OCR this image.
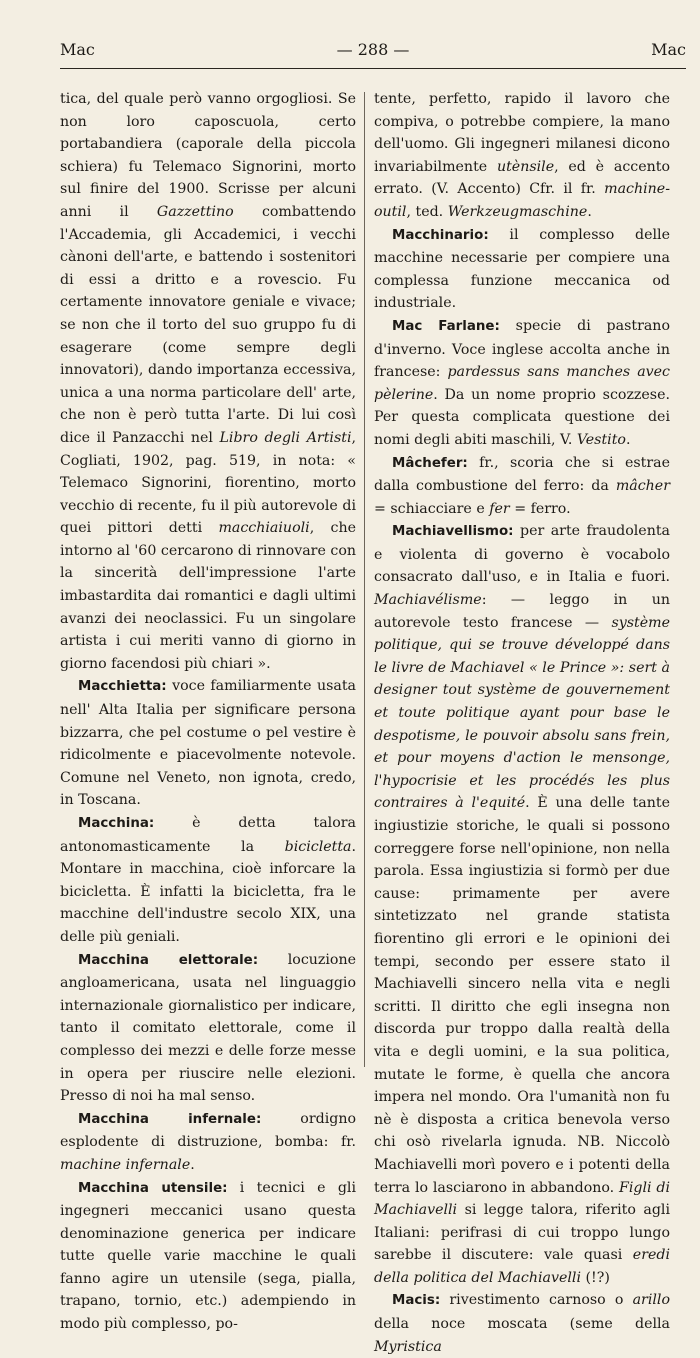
Mac	— 288 —	Mac

tica, del quale però vanno orgogliosi. Se non loro caposcuola, certo portabandiera (caporale della piccola schiera) fu Telemaco Signorini, morto sul finire del 1900. Scrisse per alcuni anni il Gazzettino combattendo l'Accademia, gli Accademici, i vecchi cànoni dell'arte, e battendo i sostenitori di essi a dritto e a rovescio. Fu certamente innovatore geniale e vivace; se non che il torto del suo gruppo fu di esagerare (come sempre degli innovatori), dando importanza eccessiva, unica a una norma particolare dell' arte, che non è però tutta l'arte. Di lui così dice il Panzacchi nel Libro degli Artisti, Cogliati, 1902, pag. 519, in nota: « Telemaco Signorini, fiorentino, morto vecchio di recente, fu il più autorevole di quei pittori detti macchiaiuoli, che intorno al '60 cercarono di rinnovare con la sincerità dell'impressione l'arte imbastardita dai romantici e dagli ultimi avanzi dei neoclassici. Fu un singolare artista i cui meriti vanno di giorno in giorno facendosi più chiari ».

Macchietta: voce familiarmente usata nell' Alta Italia per significare persona bizzarra, che pel costume o pel vestire è ridicolmente e piacevolmente notevole. Comune nel Veneto, non ignota, credo, in Toscana.

Macchina: è detta talora antonomasticamente la bicicletta. Montare in macchina, cioè inforcare la bicicletta. È infatti la bicicletta, fra le macchine dell'industre secolo XIX, una delle più geniali.

Macchina elettorale: locuzione angloamericana, usata nel linguaggio internazionale giornalistico per indicare, tanto il comitato elettorale, come il complesso dei mezzi e delle forze messe in opera per riuscire nelle elezioni. Presso di noi ha mal senso.

Macchina infernale: ordigno esplodente di distruzione, bomba: fr. machine infernale.

Macchina utensile: i tecnici e gli ingegneri meccanici usano questa denominazione generica per indicare tutte quelle varie macchine le quali fanno agire un utensile (sega, pialla, trapano, tornio, etc.) adempiendo in modo più complesso, po-

tente, perfetto, rapido il lavoro che compiva, o potrebbe compiere, la mano dell'uomo. Gli ingegneri milanesi dicono invariabilmente utènsile, ed è accento errato. (V. Accento) Cfr. il fr. machine-outil, ted. Werkzeugmaschine.

Macchinario: il complesso delle macchine necessarie per compiere una complessa funzione meccanica od industriale.

Mac Farlane: specie di pastrano d'inverno. Voce inglese accolta anche in francese: pardessus sans manches avec pèlerine. Da un nome proprio scozzese. Per questa complicata questione dei nomi degli abiti maschili, V. Vestito.

Mâchefer: fr., scoria che si estrae dalla combustione del ferro: da mâcher = schiacciare e fer = ferro.

Machiavellismo: per arte fraudolenta e violenta di governo è vocabolo consacrato dall'uso, e in Italia e fuori. Machiavélisme: — leggo in un autorevole testo francese — système politique, qui se trouve développé dans le livre de Machiavel « le Prince »: sert à designer tout système de gouvernement et toute politique ayant pour base le despotisme, le pouvoir absolu sans frein, et pour moyens d'action le mensonge, l'hypocrisie et les procédés les plus contraires à l'equité. È una delle tante ingiustizie storiche, le quali si possono correggere forse nell'opinione, non nella parola. Essa ingiustizia si formò per due cause: primamente per avere sintetizzato nel grande statista fiorentino gli errori e le opinioni dei tempi, secondo per essere stato il Machiavelli sincero nella vita e negli scritti. Il diritto che egli insegna non discorda pur troppo dalla realtà della vita e degli uomini, e la sua politica, mutate le forme, è quella che ancora impera nel mondo. Ora l'umanità non fu nè è disposta a critica benevola verso chi osò rivelarla ignuda. NB. Niccolò Machiavelli morì povero e i potenti della terra lo lasciarono in abbandono. Figli di Machiavelli si legge talora, riferito agli Italiani: perifrasi di cui troppo lungo sarebbe il discutere: vale quasi eredi della politica del Machiavelli (!?)

Macis: rivestimento carnoso o arillo della noce moscata (seme della Myristica
